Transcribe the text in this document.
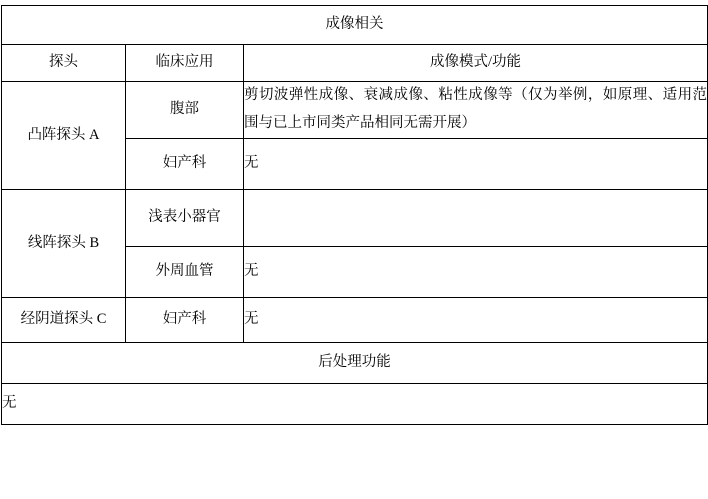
成像相关		
探头	临床应用	成像模式/功能
凸阵探头 A	腹部	剪切波弹性成像、衰减成像、粘性成像等（仅为举例，如原理、适用范围与已上市同类产品相同无需开展）
	妇产科	无
线阵探头 B	浅表小器官	
	外周血管	无
经阴道探头 C	妇产科	无
后处理功能		
无		
